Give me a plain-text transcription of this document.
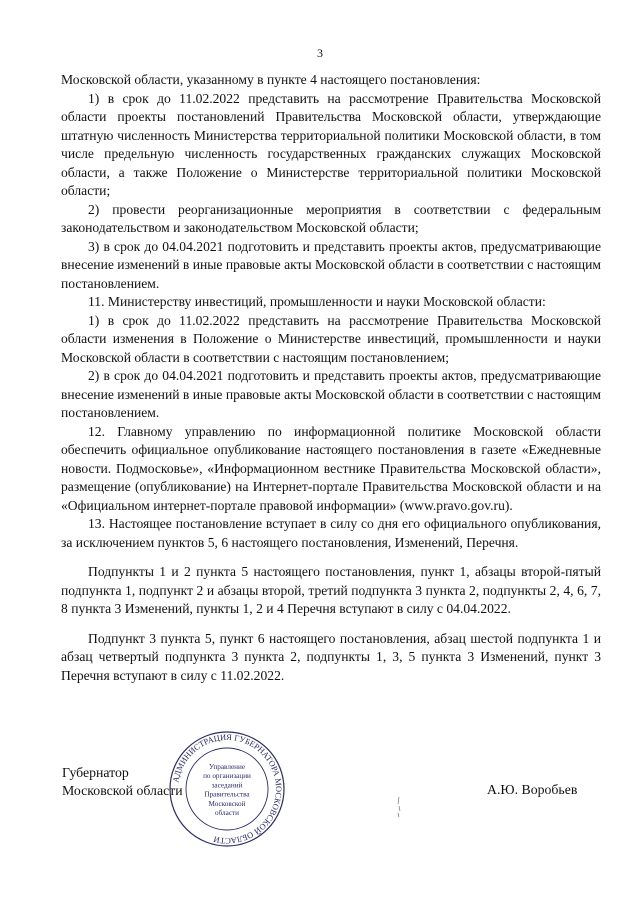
3

Московской области, указанному в пункте 4 настоящего постановления:

1) в срок до 11.02.2022 представить на рассмотрение Правительства Московской области проекты постановлений Правительства Московской области, утверждающие штатную численность Министерства территориальной политики Московской области, в том числе предельную численность государственных гражданских служащих Московской области, а также Положение о Министерстве территориальной политики Московской области;

2) провести реорганизационные мероприятия в соответствии с федеральным законодательством и законодательством Московской области;

3) в срок до 04.04.2021 подготовить и представить проекты актов, предусматривающие внесение изменений в иные правовые акты Московской области в соответствии с настоящим постановлением.

11. Министерству инвестиций, промышленности и науки Московской области:

1) в срок до 11.02.2022 представить на рассмотрение Правительства Московской области изменения в Положение о Министерстве инвестиций, промышленности и науки Московской области в соответствии с настоящим постановлением;

2) в срок до 04.04.2021 подготовить и представить проекты актов, предусматривающие внесение изменений в иные правовые акты Московской области в соответствии с настоящим постановлением.

12. Главному управлению по информационной политике Московской области обеспечить официальное опубликование настоящего постановления в газете «Ежедневные новости. Подмосковье», «Информационном вестнике Правительства Московской области», размещение (опубликование) на Интернет-портале Правительства Московской области и на «Официальном интернет-портале правовой информации» (www.pravo.gov.ru).

13. Настоящее постановление вступает в силу со дня его официального опубликования, за исключением пунктов 5, 6 настоящего постановления, Изменений, Перечня.

Подпункты 1 и 2 пункта 5 настоящего постановления, пункт 1, абзацы второй-пятый подпункта 1, подпункт 2 и абзацы второй, третий подпункта 3 пункта 2, подпункты 2, 4, 6, 7, 8 пункта 3 Изменений, пункты 1, 2 и 4 Перечня вступают в силу с 04.04.2022.

Подпункт 3 пункта 5, пункт 6 настоящего постановления, абзац шестой подпункта 1 и абзац четвертый подпункта 3 пункта 2, подпункты 1, 3, 5 пункта 3 Изменений, пункт 3 Перечня вступают в силу с 11.02.2022.

Губернатор
Московской области
АДМИНИСТРАЦИЯ ГУБЕРНАТОРА МОСКОВСКОЙ ОБЛАСТИ
Управление
по организации
заседаний
Правительства
Московской
области
А.Ю. Воробьев
